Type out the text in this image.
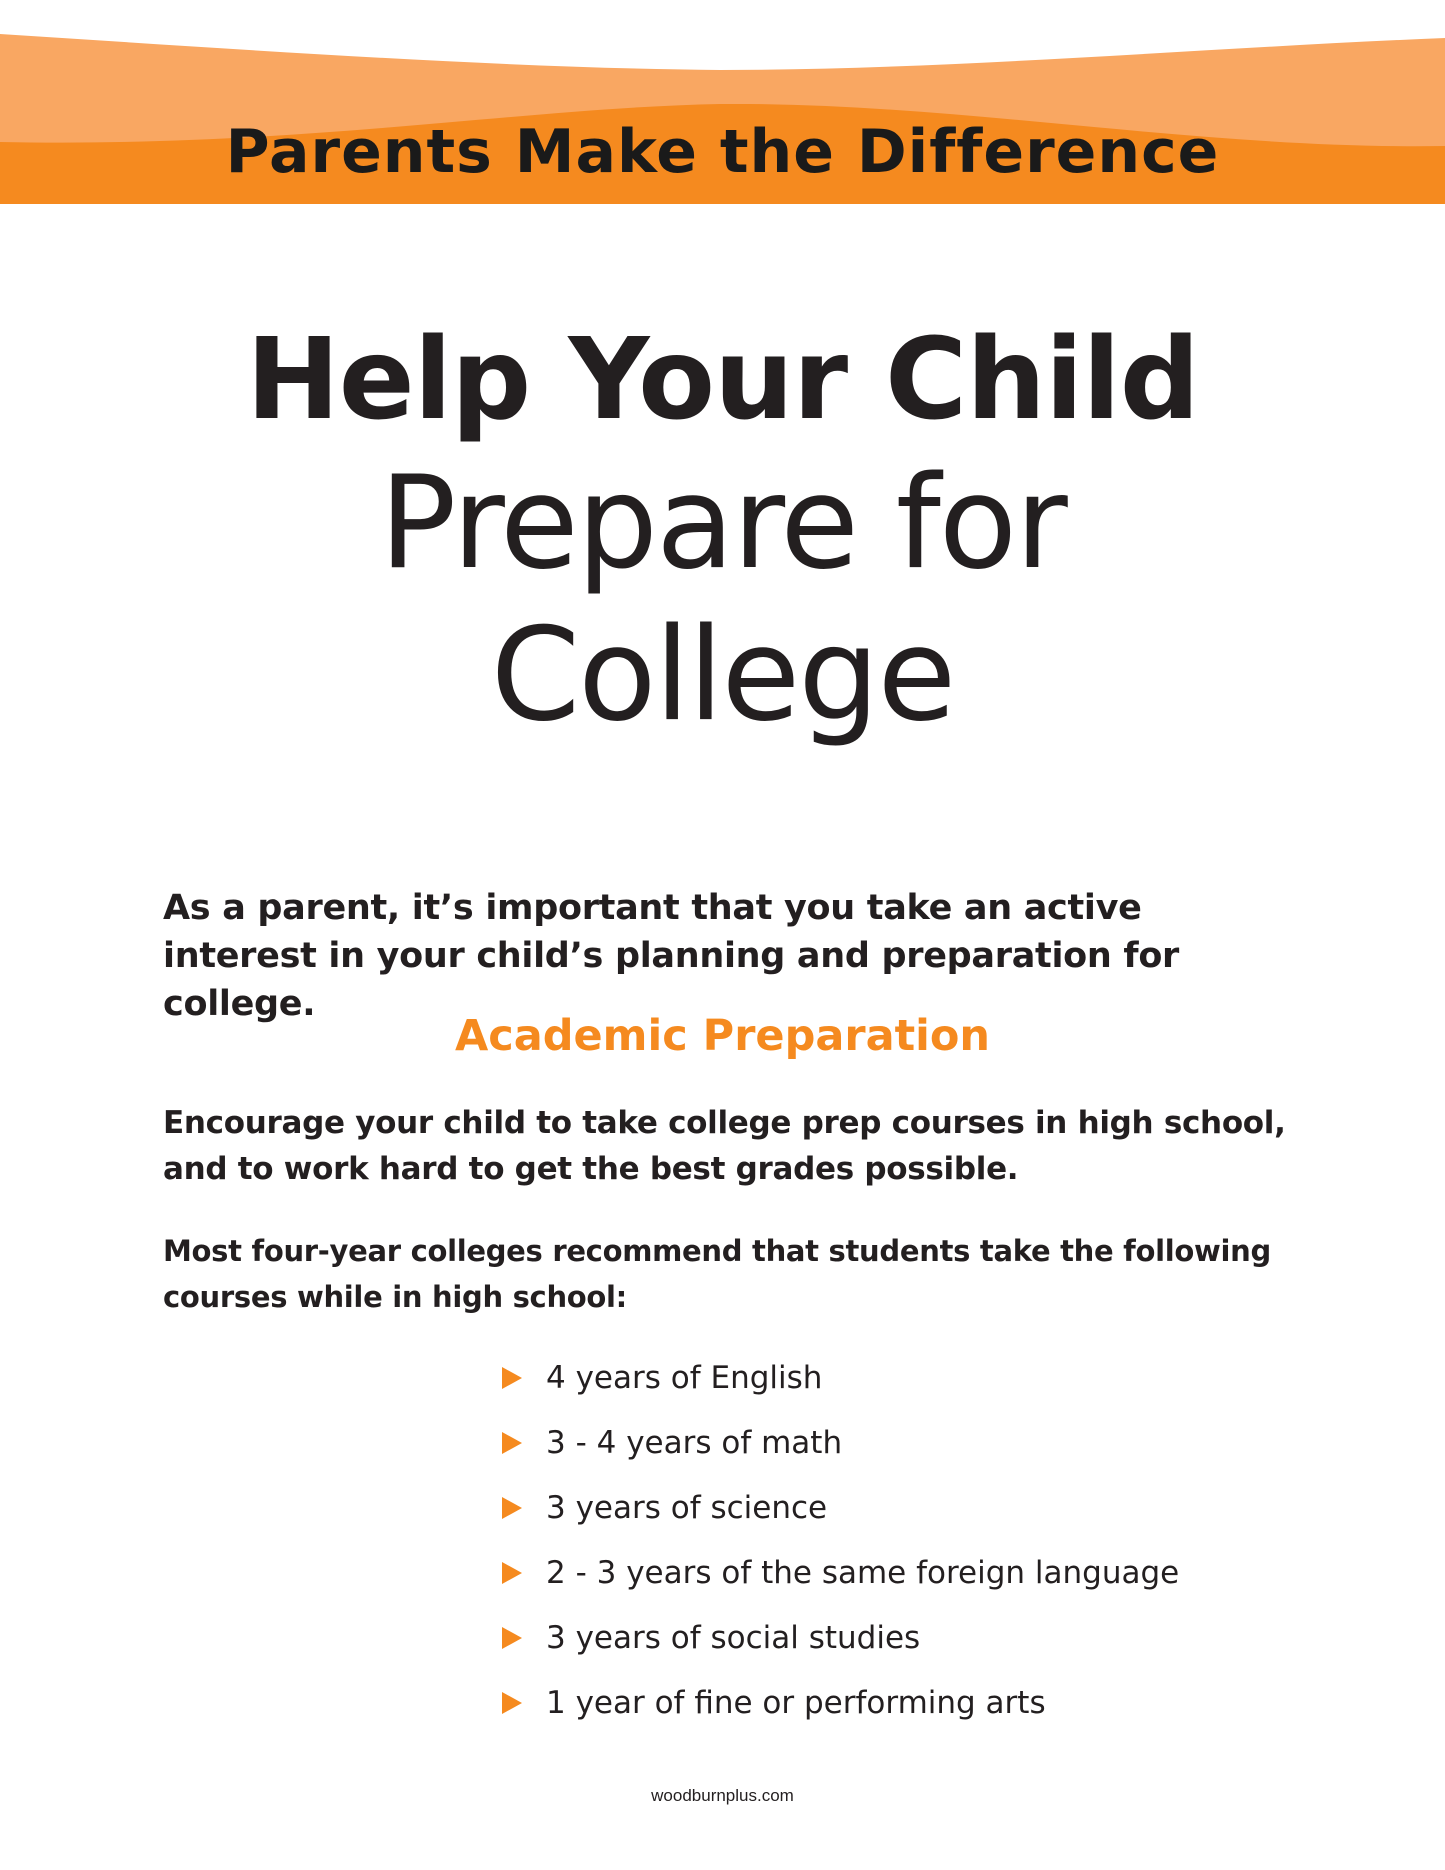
Parents Make the Difference
Help Your Child
Prepare for
College

As a parent, it’s important that you take an active interest in your child’s planning and preparation for college.

Academic Preparation

Encourage your child to take college prep courses in high school, and to work hard to get the best grades possible.

Most four-year colleges recommend that students take the following courses while in high school:

4 years of English
3 - 4 years of math
3 years of science
2 - 3 years of the same foreign language
3 years of social studies
1 year of fine or performing arts
woodburnplus.com
